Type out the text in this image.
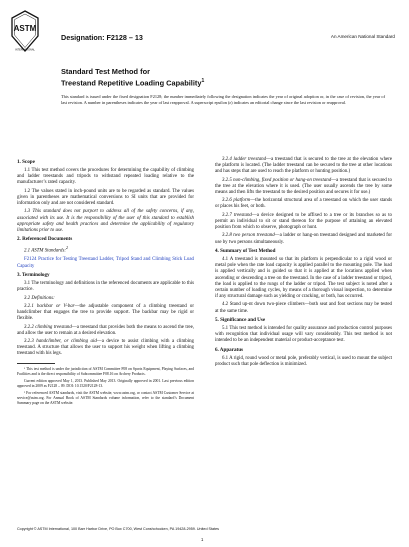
ASTM
INTERNATIONAL
Designation: F2128 – 13	An American National Standard
Standard Test Method for
Treestand Repetitive Loading Capability$^1$
This standard is issued under the fixed designation F2128; the number immediately following the designation indicates the year of original adoption or, in the case of revision, the year of last revision. A number in parentheses indicates the year of last reapproval. A superscript epsilon (ε) indicates an editorial change since the last revision or reapproval.
1. Scope

1.1 This test method covers the procedures for determining the capability of climbing and ladder treestands and tripods to withstand repeated loading relative to the manufacturer’s rated capacity.

1.2 The values stated in inch-pound units are to be regarded as standard. The values given in parentheses are mathematical conversions to SI units that are provided for information only and are not considered standard.

1.3 This standard does not purport to address all of the safety concerns, if any, associated with its use. It is the responsibility of the user of this standard to establish appropriate safety and health practices and determine the applicability of regulatory limitations prior to use.

2. Referenced Documents

2.1 ASTM Standards:$^2$

F2124 Practice for Testing Treestand Ladder, Tripod Stand and Climbing Stick Load Capacity

3. Terminology

3.1 The terminology and definitions in the referenced documents are applicable to this practice.

3.2 Definitions:

3.2.1 backbar or V-bar—the adjustable component of a climbing treestand or handclimber that engages the tree to provide support. The backbar may be rigid or flexible.

3.2.2 climbing treestand—a treestand that provides both the means to ascend the tree, and allow the user to remain at a desired elevation.

3.2.3 handclimber, or climbing aid—a device to assist climbing with a climbing treestand. A structure that allows the user to support his weight when lifting a climbing treestand with his legs.

¹ This test method is under the jurisdiction of ASTM Committee F08 on Sports Equipment, Playing Surfaces, and Facilities and is the direct responsibility of Subcommittee F08.16 on Archery Products.

Current edition approved May 1, 2013. Published May 2013. Originally approved in 2001. Last previous edition approved in 2009 as F2128 – 09. DOI: 10.1520/F2128-13.

² For referenced ASTM standards, visit the ASTM website, www.astm.org, or contact ASTM Customer Service at service@astm.org. For Annual Book of ASTM Standards volume information, refer to the standard’s Document Summary page on the ASTM website.

3.2.4 ladder treestand—a treestand that is secured to the tree at the elevation where the platform is located. (The ladder treestand can be secured to the tree at other locations and has steps that are used to reach the platform or hunting position.)

3.2.5 non-climbing, fixed position or hang-on treestand—a treestand that is secured to the tree at the elevation where it is used. (The user usually ascends the tree by some means and then lifts the treestand to the desired position and secures it for use.)

3.2.6 platform—the horizontal structural area of a treestand on which the user stands or places his feet, or both.

3.2.7 treestand—a device designed to be affixed to a tree or its branches so as to permit an individual to sit or stand thereon for the purpose of attaining an elevated position from which to observe, photograph or hunt.

3.2.8 two person treestand—a ladder or hang-on treestand designed and marketed for use by two persons simultaneously.

4. Summary of Test Method

4.1 A treestand is mounted so that its platform is perpendicular to a rigid wood or metal pole when the rate load capacity is applied parallel to the mounting pole. The load is applied vertically and is guided so that it is applied at the locations applied when ascending or descending a tree on the treestand. In the case of a ladder treestand or tripod, the load is applied to the rungs of the ladder or tripod. The test subject is noted after a certain number of loading cycles, by means of a thorough visual inspection, to determine if any structural damage such as yielding or cracking, or both, has occurred.

4.2 Stand up-nt down two-piece climbers—both seat and foot sections may be tested at the same time.

5. Significance and Use

5.1 This test method is intended for quality assurance and production control purposes with recognition that individual usage will vary considerably. This test method is not intended to be an independent material or product-acceptance test.

6. Apparatus

6.1 A rigid, round wood or metal pole, preferably vertical, is used to mount the subject product such that pole deflection is minimized.

Copyright © ASTM International, 100 Barr Harbor Drive, PO Box C700, West Conshohocken, PA 19428-2959. United States
1
